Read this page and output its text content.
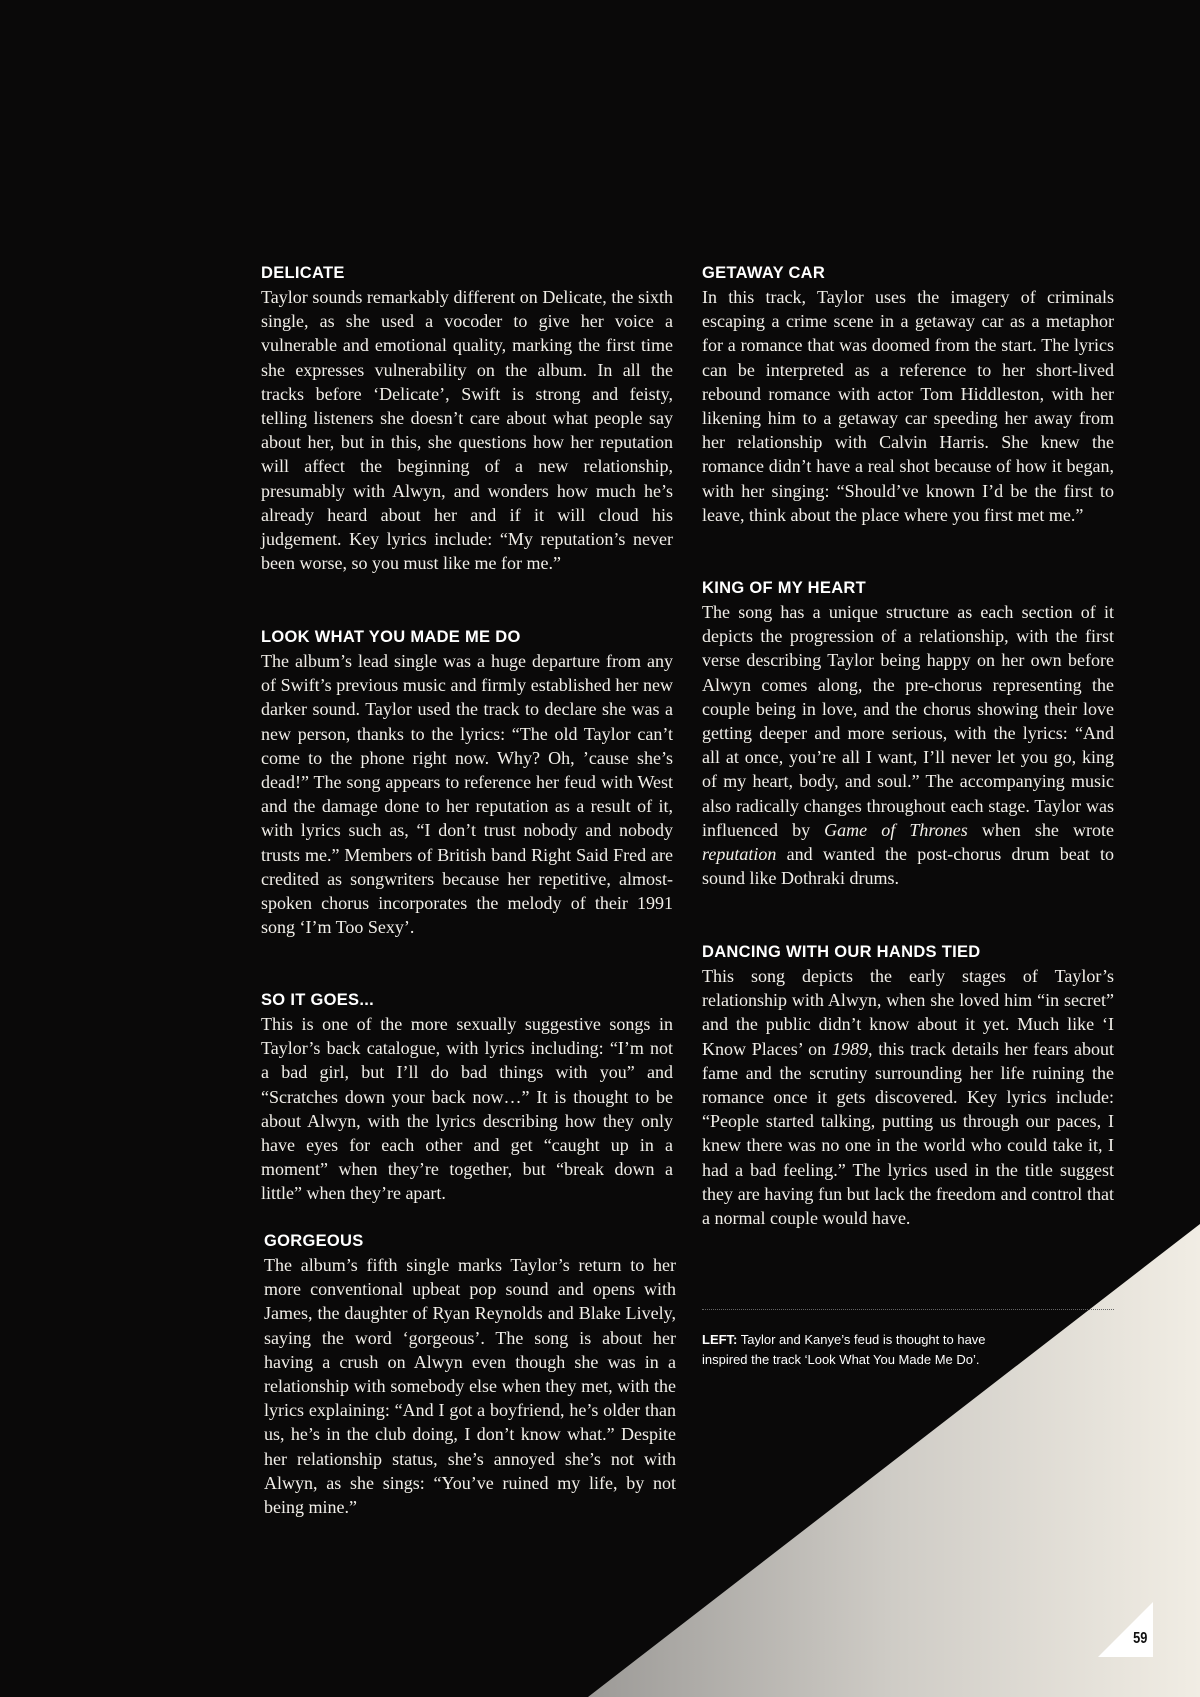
DELICATE

Taylor sounds remarkably different on Delicate, the sixth single, as she used a vocoder to give her voice a vulnerable and emotional quality, marking the first time she expresses vulnerability on the album. In all the tracks before ‘Delicate’, Swift is strong and feisty, telling listeners she doesn’t care about what people say about her, but in this, she questions how her reputation will affect the beginning of a new relationship, presumably with Alwyn, and wonders how much he’s already heard about her and if it will cloud his judgement. Key lyrics include: “My reputation’s never been worse, so you must like me for me.”

LOOK WHAT YOU MADE ME DO

The album’s lead single was a huge departure from any of Swift’s previous music and firmly established her new darker sound. Taylor used the track to declare she was a new person, thanks to the lyrics: “The old Taylor can’t come to the phone right now. Why? Oh, ’cause she’s dead!” The song appears to reference her feud with West and the damage done to her reputation as a result of it, with lyrics such as, “I don’t trust nobody and nobody trusts me.” Members of British band Right Said Fred are credited as songwriters because her repetitive, almost-spoken chorus incorporates the melody of their 1991 song ‘I’m Too Sexy’.

SO IT GOES...

This is one of the more sexually suggestive songs in Taylor’s back catalogue, with lyrics including: “I’m not a bad girl, but I’ll do bad things with you” and “Scratches down your back now…” It is thought to be about Alwyn, with the lyrics describing how they only have eyes for each other and get “caught up in a moment” when they’re together, but “break down a little” when they’re apart.

GORGEOUS

The album’s fifth single marks Taylor’s return to her more conventional upbeat pop sound and opens with James, the daughter of Ryan Reynolds and Blake Lively, saying the word ‘gorgeous’. The song is about her having a crush on Alwyn even though she was in a relationship with somebody else when they met, with the lyrics explaining: “And I got a boyfriend, he’s older than us, he’s in the club doing, I don’t know what.” Despite her relationship status, she’s annoyed she’s not with Alwyn, as she sings: “You’ve ruined my life, by not being mine.”

GETAWAY CAR

In this track, Taylor uses the imagery of criminals escaping a crime scene in a getaway car as a metaphor for a romance that was doomed from the start. The lyrics can be interpreted as a reference to her short-lived rebound romance with actor Tom Hiddleston, with her likening him to a getaway car speeding her away from her relationship with Calvin Harris. She knew the romance didn’t have a real shot because of how it began, with her singing: “Should’ve known I’d be the first to leave, think about the place where you first met me.”

KING OF MY HEART

The song has a unique structure as each section of it depicts the progression of a relationship, with the first verse describing Taylor being happy on her own before Alwyn comes along, the pre-chorus representing the couple being in love, and the chorus showing their love getting deeper and more serious, with the lyrics: “And all at once, you’re all I want, I’ll never let you go, king of my heart, body, and soul.” The accompanying music also radically changes throughout each stage. Taylor was influenced by Game of Thrones when she wrote reputation and wanted the post-chorus drum beat to sound like Dothraki drums.

DANCING WITH OUR HANDS TIED

This song depicts the early stages of Taylor’s relationship with Alwyn, when she loved him “in secret” and the public didn’t know about it yet. Much like ‘I Know Places’ on 1989, this track details her fears about fame and the scrutiny surrounding her life ruining the romance once it gets discovered. Key lyrics include: “People started talking, putting us through our paces, I knew there was no one in the world who could take it, I had a bad feeling.” The lyrics used in the title suggest they are having fun but lack the freedom and control that a normal couple would have.

LEFT: Taylor and Kanye’s feud is thought to have inspired the track ‘Look What You Made Me Do’.
59
